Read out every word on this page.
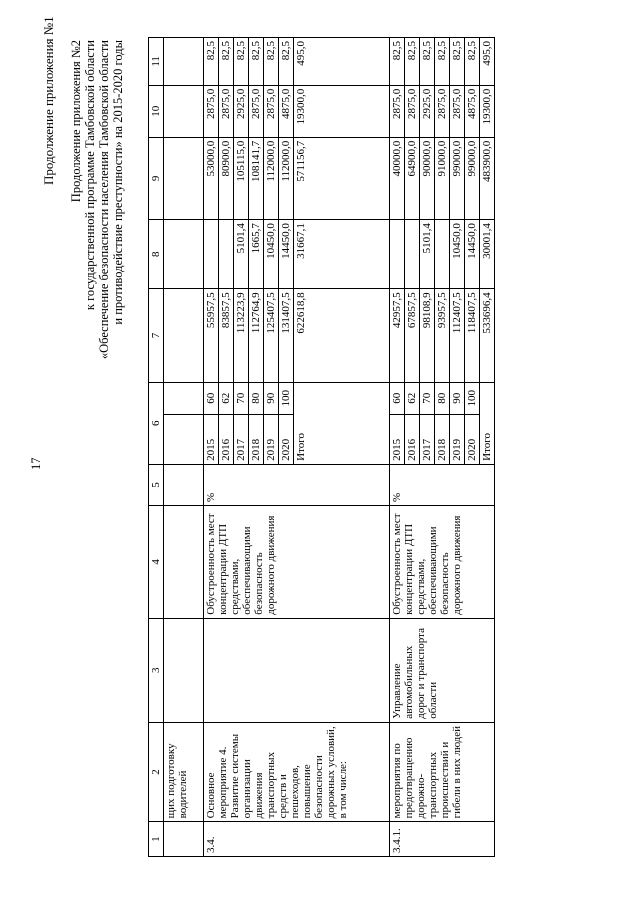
17
Продолжение приложения №1 Продолжение приложения №2 к государственной программе Тамбовской области «Обеспечение безопасности населения Тамбовской области и противодействие преступности» на 2015-2020 годы
1	2	3	4	5	6		7	8	9	10	11
	щих подготовку водителей										
3.4.	Основное мероприятие 4. Развитие системы организации движения транспортных средств и пешеходов, повышение безопасности дорожных условий, в том числе:		Обустроенность мест концентрации ДТП средствами, обеспечивающими безопасность дорожного движения	%	2015	60	55957,5		53000,0	2875,0	82,5
					2016	62	83857,5		80900,0	2875,0	82,5
					2017	70	113223,9	5101,4	105115,0	2925,0	82,5
					2018	80	112764,9	1665,7	108141,7	2875,0	82,5
					2019	90	125407,5	10450,0	112000,0	2875,0	82,5
					2020	100	131407,5	14450,0	112000,0	4875,0	82,5
					Итого		622618,8	31667,1	571156,7	19300,0	495,0
3.4.1.	мероприятия по предотвращению дорожно-транспортных происшествий и гибели в них людей	Управление автомобильных дорог и транспорта области	Обустроенность мест концентрации ДТП средствами, обеспечивающими безопасность дорожного движения	%	2015	60	42957,5		40000,0	2875,0	82,5
					2016	62	67857,5		64900,0	2875,0	82,5
					2017	70	98108,9	5101,4	90000,0	2925,0	82,5
					2018	80	93957,5		91000,0	2875,0	82,5
					2019	90	112407,5	10450,0	99000,0	2875,0	82,5
					2020	100	118407,5	14450,0	99000,0	4875,0	82,5
					Итого		533696,4	30001,4	483900,0	19300,0	495,0
